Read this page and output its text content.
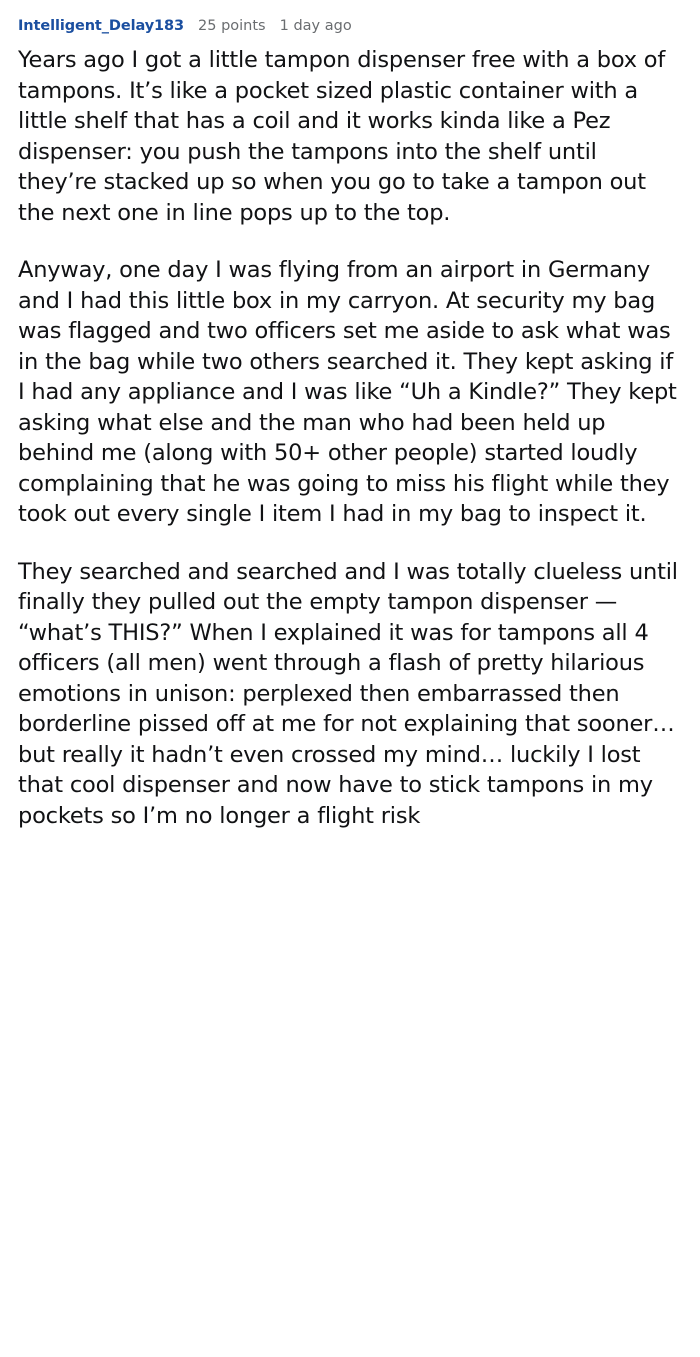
Intelligent_Delay183 25 points 1 day ago

Years ago I got a little tampon dispenser free with a box of tampons. It’s like a pocket sized plastic container with a little shelf that has a coil and it works kinda like a Pez dispenser: you push the tampons into the shelf until they’re stacked up so when you go to take a tampon out the next one in line pops up to the top.

Anyway, one day I was flying from an airport in Germany and I had this little box in my carryon. At security my bag was flagged and two officers set me aside to ask what was in the bag while two others searched it. They kept asking if I had any appliance and I was like “Uh a Kindle?” They kept asking what else and the man who had been held up behind me (along with 50+ other people) started loudly complaining that he was going to miss his flight while they took out every single I item I had in my bag to inspect it.

They searched and searched and I was totally clueless until finally they pulled out the empty tampon dispenser — “what’s THIS?” When I explained it was for tampons all 4 officers (all men) went through a flash of pretty hilarious emotions in unison: perplexed then embarrassed then borderline pissed off at me for not explaining that sooner… but really it hadn’t even crossed my mind… luckily I lost that cool dispenser and now have to stick tampons in my pockets so I’m no longer a flight risk
